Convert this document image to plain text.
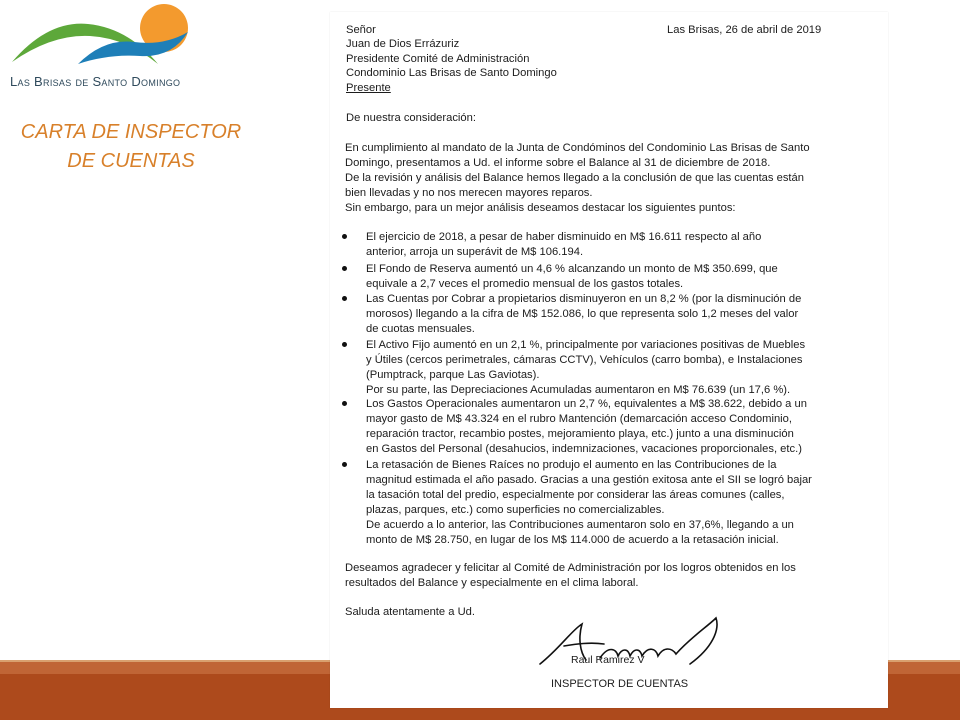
Las Brisas de Santo Domingo
CARTA DE INSPECTOR
DE CUENTAS
Las Brisas, 26 de abril de 2019
Señor
Juan de Dios Errázuriz
Presidente Comité de Administración
Condominio Las Brisas de Santo Domingo
Presente
De nuestra consideración:
En cumplimiento al mandato de la Junta de Condóminos del Condominio Las Brisas de Santo
Domingo, presentamos a Ud. el informe sobre el Balance al 31 de diciembre de 2018.
De la revisión y análisis del Balance hemos llegado a la conclusión de que las cuentas están
bien llevadas y no nos merecen mayores reparos.
Sin embargo, para un mejor análisis deseamos destacar los siguientes puntos:
El ejercicio de 2018, a pesar de haber disminuido en M$ 16.611 respecto al año
anterior, arroja un superávit de M$ 106.194.
El Fondo de Reserva aumentó un 4,6 % alcanzando un monto de M$ 350.699, que
equivale a 2,7 veces el promedio mensual de los gastos totales.
Las Cuentas por Cobrar a propietarios disminuyeron en un 8,2 % (por la disminución de
morosos) llegando a la cifra de M$ 152.086, lo que representa solo 1,2 meses del valor
de cuotas mensuales.
El Activo Fijo aumentó en un 2,1 %, principalmente por variaciones positivas de Muebles
y Útiles (cercos perimetrales, cámaras CCTV), Vehículos (carro bomba), e Instalaciones
(Pumptrack, parque Las Gaviotas).
Por su parte, las Depreciaciones Acumuladas aumentaron en M$ 76.639 (un 17,6 %).
Los Gastos Operacionales aumentaron un 2,7 %, equivalentes a M$ 38.622, debido a un
mayor gasto de M$ 43.324 en el rubro Mantención (demarcación acceso Condominio,
reparación tractor, recambio postes, mejoramiento playa, etc.) junto a una disminución
en Gastos del Personal (desahucios, indemnizaciones, vacaciones proporcionales, etc.)
La retasación de Bienes Raíces no produjo el aumento en las Contribuciones de la
magnitud estimada el año pasado. Gracias a una gestión exitosa ante el SII se logró bajar
la tasación total del predio, especialmente por considerar las áreas comunes (calles,
plazas, parques, etc.) como superficies no comercializables.
De acuerdo a lo anterior, las Contribuciones aumentaron solo en 37,6%, llegando a un
monto de M$ 28.750, en lugar de los M$ 114.000 de acuerdo a la retasación inicial.
Deseamos agradecer y felicitar al Comité de Administración por los logros obtenidos en los
resultados del Balance y especialmente en el clima laboral.
Saluda atentamente a Ud.
Raul Ramirez V
INSPECTOR DE CUENTAS
